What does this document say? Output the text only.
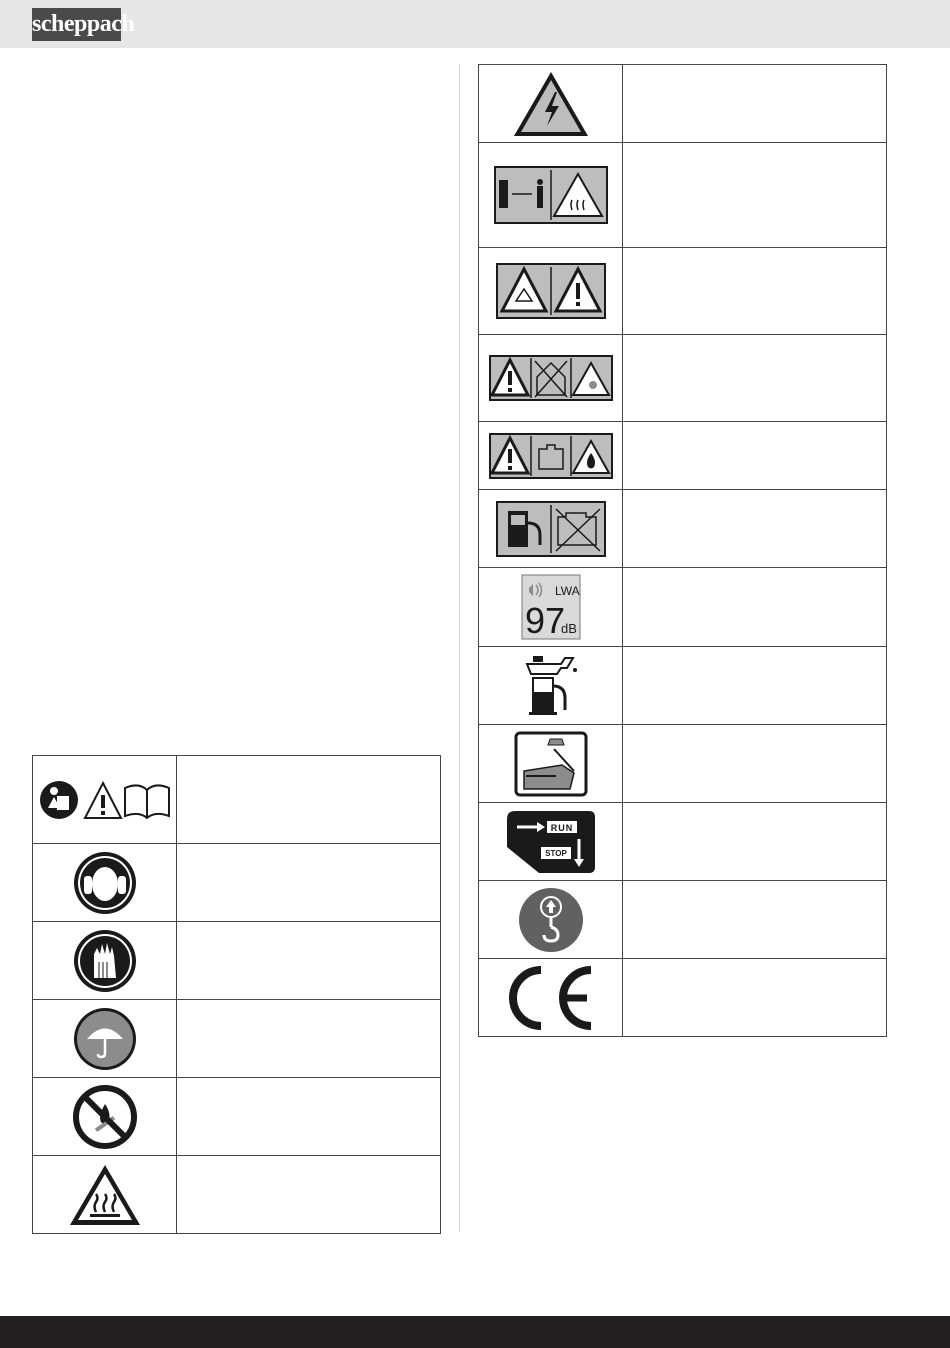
scheppach

LWA
97
dB	

RUN
STOP	
